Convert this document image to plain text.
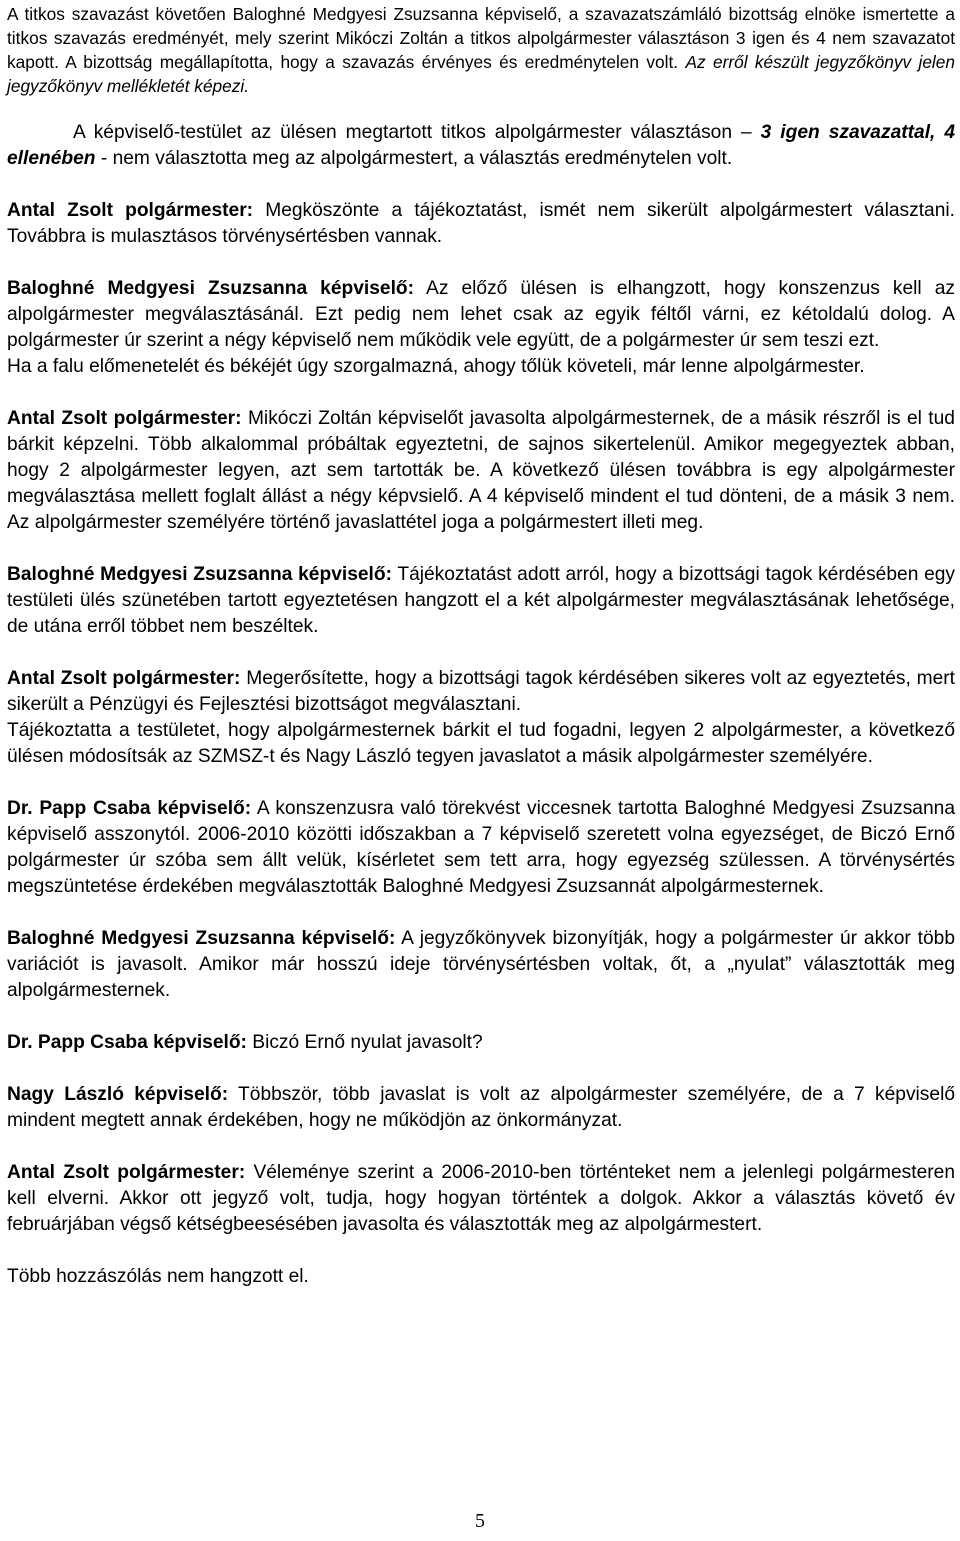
A titkos szavazást követően Baloghné Medgyesi Zsuzsanna képviselő, a szavazatszámláló bizottság elnöke ismertette a titkos szavazás eredményét, mely szerint Mikóczi Zoltán a titkos alpolgármester választáson 3 igen és 4 nem szavazatot kapott. A bizottság megállapította, hogy a szavazás érvényes és eredménytelen volt. Az erről készült jegyzőkönyv jelen jegyzőkönyv mellékletét képezi.

A képviselő-testület az ülésen megtartott titkos alpolgármester választáson – 3 igen szavazattal, 4 ellenében - nem választotta meg az alpolgármestert, a választás eredménytelen volt.

Antal Zsolt polgármester: Megköszönte a tájékoztatást, ismét nem sikerült alpolgármestert választani. Továbbra is mulasztásos törvénysértésben vannak.

Baloghné Medgyesi Zsuzsanna képviselő: Az előző ülésen is elhangzott, hogy konszenzus kell az alpolgármester megválasztásánál. Ezt pedig nem lehet csak az egyik féltől várni, ez kétoldalú dolog. A polgármester úr szerint a négy képviselő nem működik vele együtt, de a polgármester úr sem teszi ezt.

Ha a falu előmenetelét és békéjét úgy szorgalmazná, ahogy tőlük követeli, már lenne alpolgármester.

Antal Zsolt polgármester: Mikóczi Zoltán képviselőt javasolta alpolgármesternek, de a másik részről is el tud bárkit képzelni. Több alkalommal próbáltak egyeztetni, de sajnos sikertelenül. Amikor megegyeztek abban, hogy 2 alpolgármester legyen, azt sem tartották be. A következő ülésen továbbra is egy alpolgármester megválasztása mellett foglalt állást a négy képvsielő. A 4 képviselő mindent el tud dönteni, de a másik 3 nem. Az alpolgármester személyére történő javaslattétel joga a polgármestert illeti meg.

Baloghné Medgyesi Zsuzsanna képviselő: Tájékoztatást adott arról, hogy a bizottsági tagok kérdésében egy testületi ülés szünetében tartott egyeztetésen hangzott el a két alpolgármester megválasztásának lehetősége, de utána erről többet nem beszéltek.

Antal Zsolt polgármester: Megerősítette, hogy a bizottsági tagok kérdésében sikeres volt az egyeztetés, mert sikerült a Pénzügyi és Fejlesztési bizottságot megválasztani.

Tájékoztatta a testületet, hogy alpolgármesternek bárkit el tud fogadni, legyen 2 alpolgármester, a következő ülésen módosítsák az SZMSZ-t és Nagy László tegyen javaslatot a másik alpolgármester személyére.

Dr. Papp Csaba képviselő: A konszenzusra való törekvést viccesnek tartotta Baloghné Medgyesi Zsuzsanna képviselő asszonytól. 2006-2010 közötti időszakban a 7 képviselő szeretett volna egyezséget, de Biczó Ernő polgármester úr szóba sem állt velük, kísérletet sem tett arra, hogy egyezség szülessen. A törvénysértés megszüntetése érdekében megválasztották Baloghné Medgyesi Zsuzsannát alpolgármesternek.

Baloghné Medgyesi Zsuzsanna képviselő: A jegyzőkönyvek bizonyítják, hogy a polgármester úr akkor több variációt is javasolt. Amikor már hosszú ideje törvénysértésben voltak, őt, a „nyulat” választották meg alpolgármesternek.

Dr. Papp Csaba képviselő: Biczó Ernő nyulat javasolt?

Nagy László képviselő: Többször, több javaslat is volt az alpolgármester személyére, de a 7 képviselő mindent megtett annak érdekében, hogy ne működjön az önkormányzat.

Antal Zsolt polgármester: Véleménye szerint a 2006-2010-ben történteket nem a jelenlegi polgármesteren kell elverni. Akkor ott jegyző volt, tudja, hogy hogyan történtek a dolgok. Akkor a választás követő év februárjában végső kétségbeesésében javasolta és választották meg az alpolgármestert.

Több hozzászólás nem hangzott el.

5
